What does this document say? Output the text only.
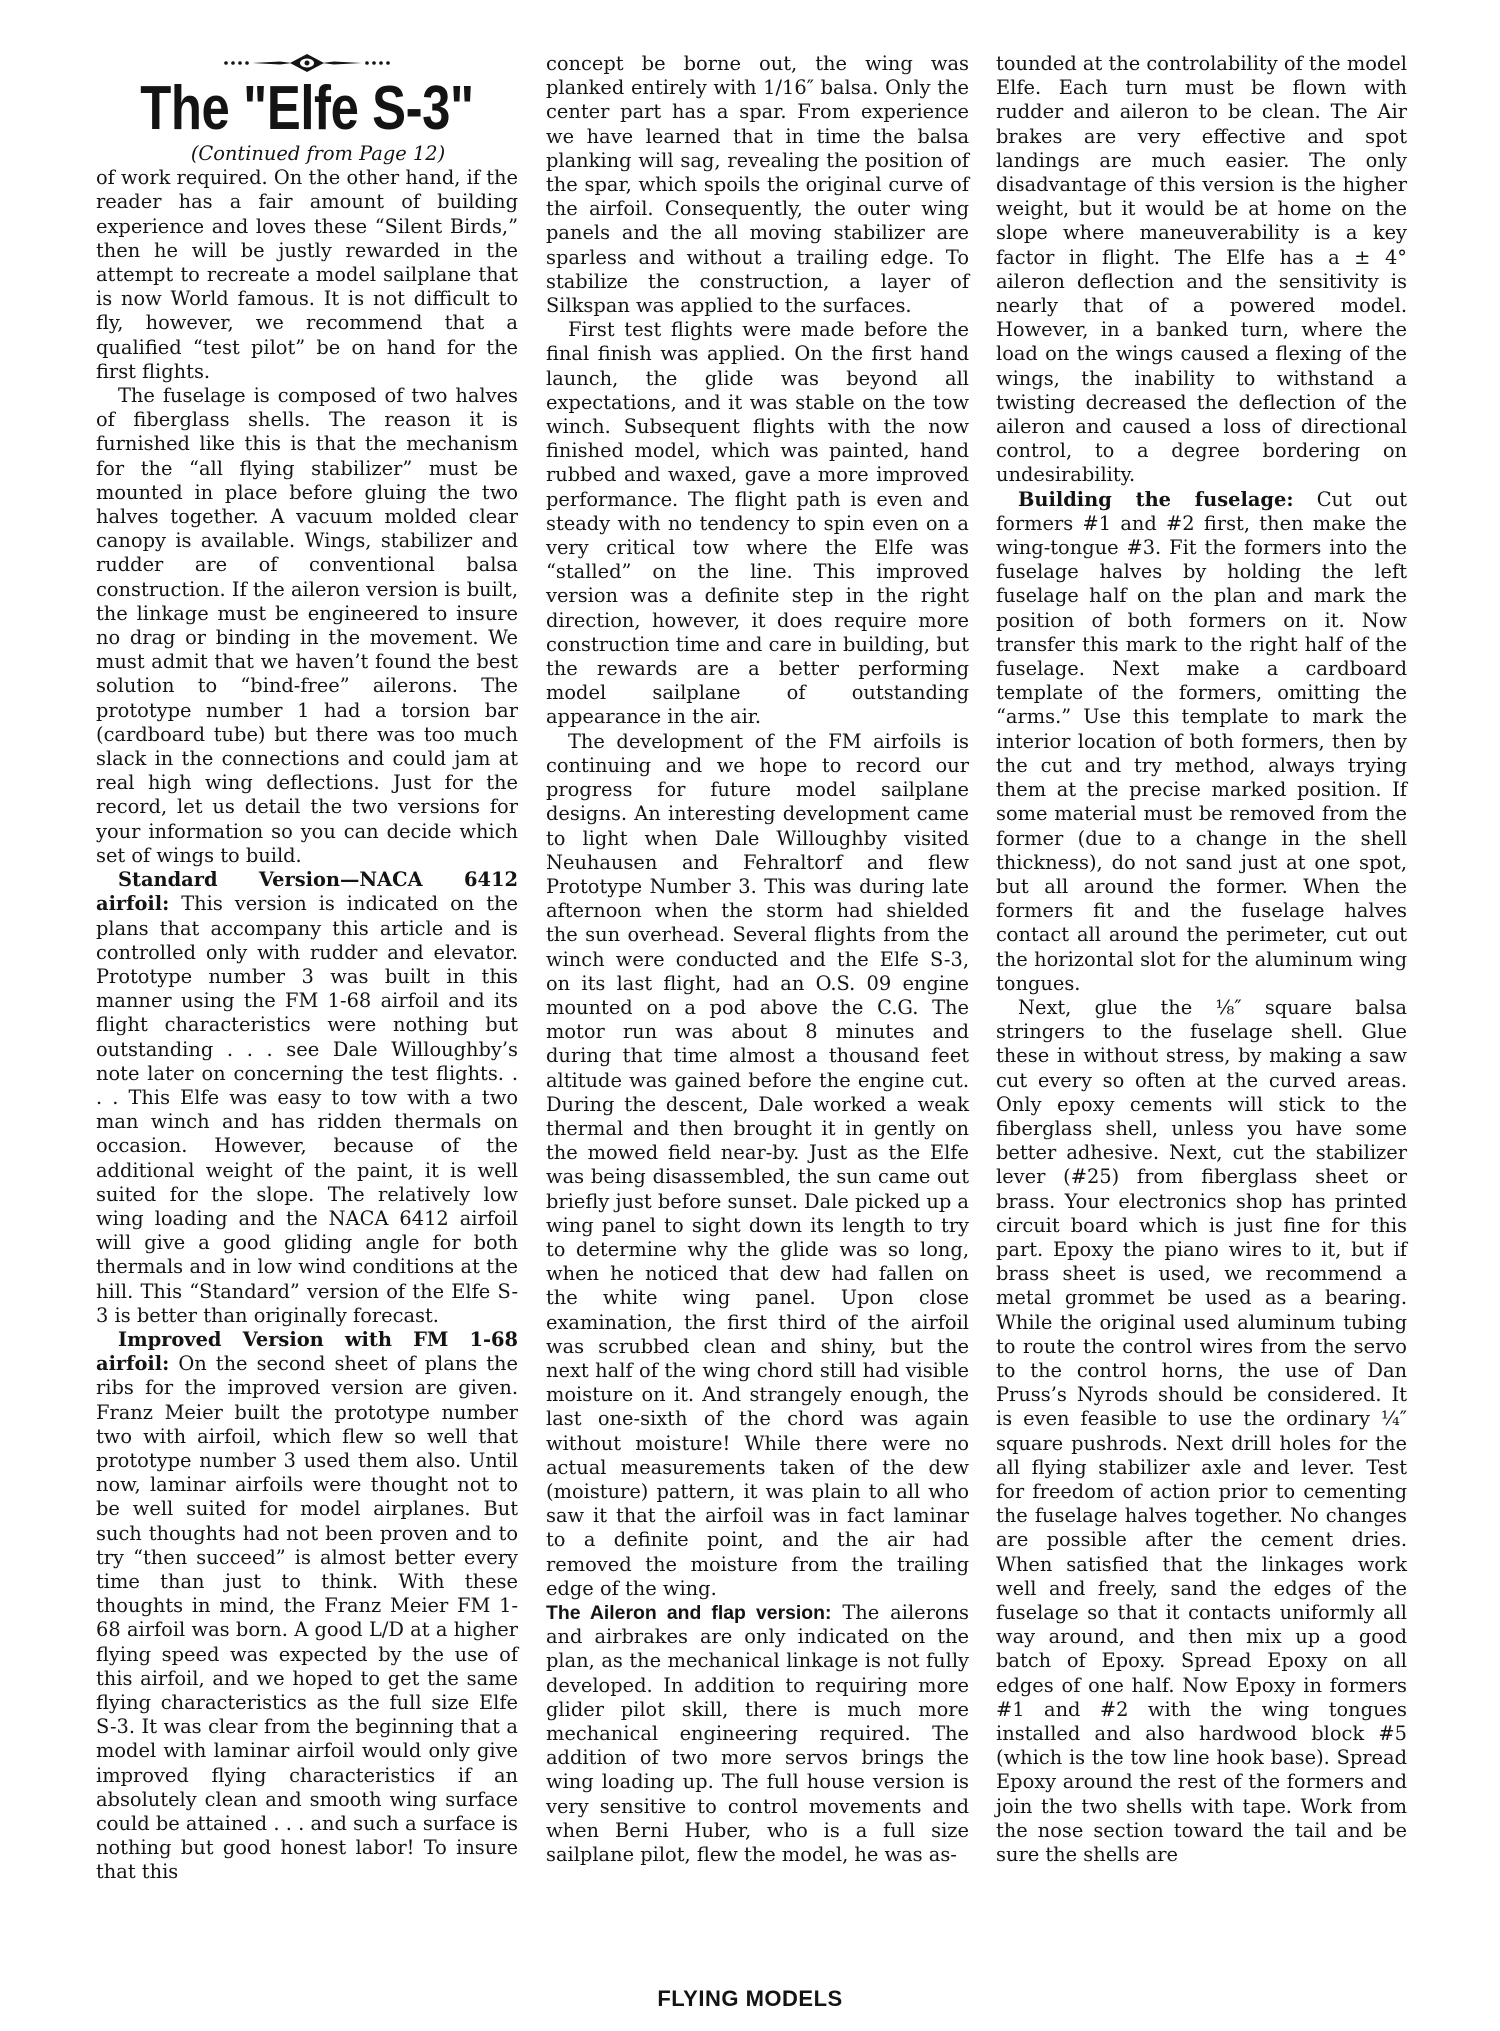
The "Elfe S-3"

(Continued from Page 12)

of work required. On the other hand, if the reader has a fair amount of building experience and loves these “Silent Birds,” then he will be justly rewarded in the attempt to recreate a model sailplane that is now World famous. It is not difficult to fly, however, we recommend that a qualified “test pilot” be on hand for the first flights.

The fuselage is composed of two halves of fiberglass shells. The reason it is furnished like this is that the mechanism for the “all flying stabilizer” must be mounted in place before gluing the two halves together. A vacuum molded clear canopy is available. Wings, stabilizer and rudder are of conventional balsa construction. If the aileron version is built, the linkage must be engineered to insure no drag or binding in the movement. We must admit that we haven’t found the best solution to “bind-free” ailerons. The prototype number 1 had a torsion bar (cardboard tube) but there was too much slack in the connections and could jam at real high wing deflections. Just for the record, let us detail the two versions for your information so you can decide which set of wings to build.

Standard Version—NACA 6412 airfoil: This version is indicated on the plans that accompany this article and is controlled only with rudder and elevator. Prototype number 3 was built in this manner using the FM 1-68 airfoil and its flight characteristics were nothing but outstanding . . . see Dale Willoughby’s note later on concerning the test flights. . . . This Elfe was easy to tow with a two man winch and has ridden thermals on occasion. However, because of the additional weight of the paint, it is well suited for the slope. The relatively low wing loading and the NACA 6412 airfoil will give a good gliding angle for both thermals and in low wind conditions at the hill. This “Standard” version of the Elfe S-3 is better than originally forecast.

Improved Version with FM 1-68 airfoil: On the second sheet of plans the ribs for the improved version are given. Franz Meier built the prototype number two with airfoil, which flew so well that prototype number 3 used them also. Until now, laminar airfoils were thought not to be well suited for model airplanes. But such thoughts had not been proven and to try “then succeed” is almost better every time than just to think. With these thoughts in mind, the Franz Meier FM 1-68 airfoil was born. A good L/D at a higher flying speed was expected by the use of this airfoil, and we hoped to get the same flying characteristics as the full size Elfe S-3. It was clear from the beginning that a model with laminar airfoil would only give improved flying characteristics if an absolutely clean and smooth wing surface could be attained . . . and such a surface is nothing but good honest labor! To insure that this

concept be borne out, the wing was planked entirely with 1/16″ balsa. Only the center part has a spar. From experience we have learned that in time the balsa planking will sag, revealing the position of the spar, which spoils the original curve of the airfoil. Consequently, the outer wing panels and the all moving stabilizer are sparless and without a trailing edge. To stabilize the construction, a layer of Silkspan was applied to the surfaces.

First test flights were made before the final finish was applied. On the first hand launch, the glide was beyond all expectations, and it was stable on the tow winch. Subsequent flights with the now finished model, which was painted, hand rubbed and waxed, gave a more improved performance. The flight path is even and steady with no tendency to spin even on a very critical tow where the Elfe was “stalled” on the line. This improved version was a definite step in the right direction, however, it does require more construction time and care in building, but the rewards are a better performing model sailplane of outstanding appearance in the air.

The development of the FM airfoils is continuing and we hope to record our progress for future model sailplane designs. An interesting development came to light when Dale Willoughby visited Neuhausen and Fehraltorf and flew Prototype Number 3. This was during late afternoon when the storm had shielded the sun overhead. Several flights from the winch were conducted and the Elfe S-3, on its last flight, had an O.S. 09 engine mounted on a pod above the C.G. The motor run was about 8 minutes and during that time almost a thousand feet altitude was gained before the engine cut. During the descent, Dale worked a weak thermal and then brought it in gently on the mowed field near-by. Just as the Elfe was being disassembled, the sun came out briefly just before sunset. Dale picked up a wing panel to sight down its length to try to determine why the glide was so long, when he noticed that dew had fallen on the white wing panel. Upon close examination, the first third of the airfoil was scrubbed clean and shiny, but the next half of the wing chord still had visible moisture on it. And strangely enough, the last one-sixth of the chord was again without moisture! While there were no actual measurements taken of the dew (moisture) pattern, it was plain to all who saw it that the airfoil was in fact laminar to a definite point, and the air had removed the moisture from the trailing edge of the wing.

The Aileron and flap version: The ailerons and airbrakes are only indicated on the plan, as the mechanical linkage is not fully developed. In addition to requiring more glider pilot skill, there is much more mechanical engineering required. The addition of two more servos brings the wing loading up. The full house version is very sensitive to control movements and when Berni Huber, who is a full size sailplane pilot, flew the model, he was as-

tounded at the controlability of the model Elfe. Each turn must be flown with rudder and aileron to be clean. The Air brakes are very effective and spot landings are much easier. The only disadvantage of this version is the higher weight, but it would be at home on the slope where maneuverability is a key factor in flight. The Elfe has a ± 4° aileron deflection and the sensitivity is nearly that of a powered model. However, in a banked turn, where the load on the wings caused a flexing of the wings, the inability to withstand a twisting decreased the deflection of the aileron and caused a loss of directional control, to a degree bordering on undesirability.

Building the fuselage: Cut out formers #1 and #2 first, then make the wing-tongue #3. Fit the formers into the fuselage halves by holding the left fuselage half on the plan and mark the position of both formers on it. Now transfer this mark to the right half of the fuselage. Next make a cardboard template of the formers, omitting the “arms.” Use this template to mark the interior location of both formers, then by the cut and try method, always trying them at the precise marked position. If some material must be removed from the former (due to a change in the shell thickness), do not sand just at one spot, but all around the former. When the formers fit and the fuselage halves contact all around the perimeter, cut out the horizontal slot for the aluminum wing tongues.

Next, glue the ⅛″ square balsa stringers to the fuselage shell. Glue these in without stress, by making a saw cut every so often at the curved areas. Only epoxy cements will stick to the fiberglass shell, unless you have some better adhesive. Next, cut the stabilizer lever (#25) from fiberglass sheet or brass. Your electronics shop has printed circuit board which is just fine for this part. Epoxy the piano wires to it, but if brass sheet is used, we recommend a metal grommet be used as a bearing. While the original used aluminum tubing to route the control wires from the servo to the control horns, the use of Dan Pruss’s Nyrods should be considered. It is even feasible to use the ordinary ¼″ square pushrods. Next drill holes for the all flying stabilizer axle and lever. Test for freedom of action prior to cementing the fuselage halves together. No changes are possible after the cement dries. When satisfied that the linkages work well and freely, sand the edges of the fuselage so that it contacts uniformly all way around, and then mix up a good batch of Epoxy. Spread Epoxy on all edges of one half. Now Epoxy in formers #1 and #2 with the wing tongues installed and also hardwood block #5 (which is the tow line hook base). Spread Epoxy around the rest of the formers and join the two shells with tape. Work from the nose section toward the tail and be sure the shells are

FLYING MODELS
